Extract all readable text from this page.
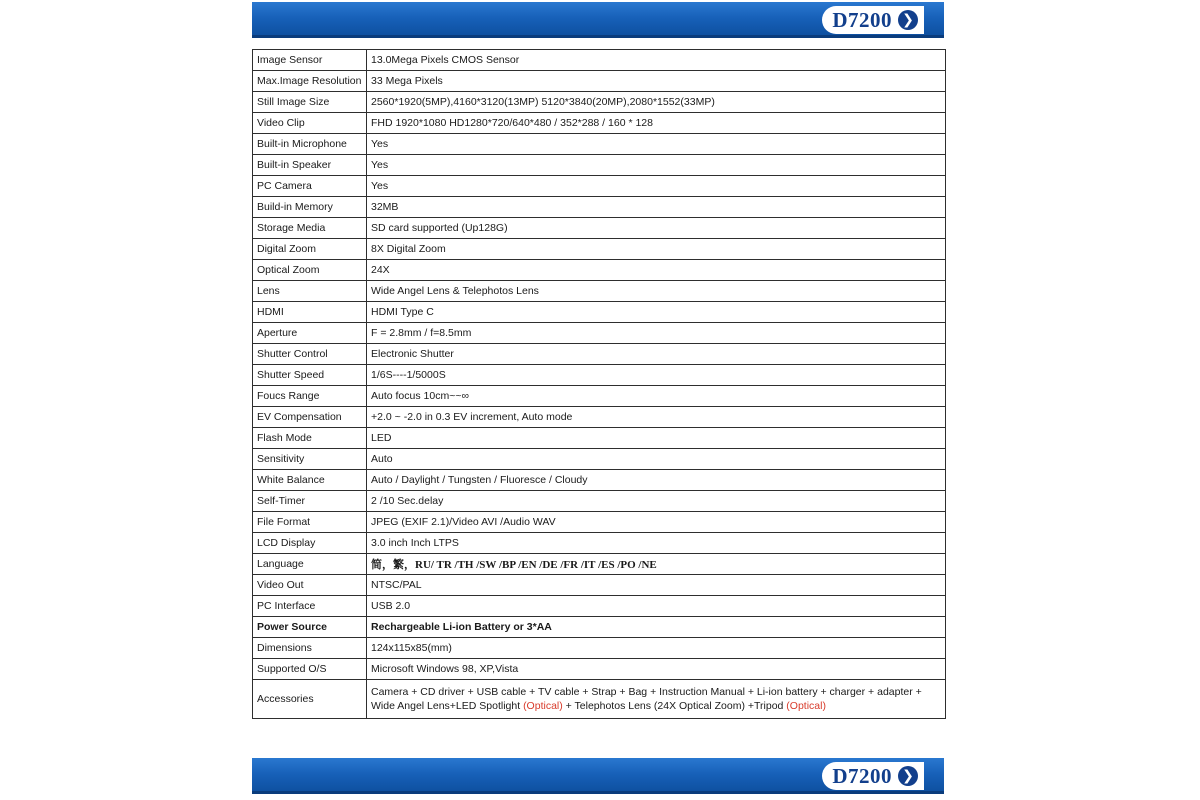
D7200 ❯
Image Sensor	13.0Mega Pixels CMOS Sensor
Max.Image Resolution	33 Mega Pixels
Still Image Size	2560*1920(5MP),4160*3120(13MP) 5120*3840(20MP),2080*1552(33MP)
Video Clip	FHD 1920*1080 HD1280*720/640*480 / 352*288 / 160 * 128
Built-in Microphone	Yes
Built-in Speaker	Yes
PC Camera	Yes
Build-in Memory	32MB
Storage Media	SD card supported (Up128G)
Digital Zoom	8X Digital Zoom
Optical Zoom	24X
Lens	Wide Angel Lens & Telephotos Lens
HDMI	HDMI Type C
Aperture	F = 2.8mm / f=8.5mm
Shutter Control	Electronic Shutter
Shutter Speed	1/6S----1/5000S
Foucs Range	Auto focus 10cm~~∞
EV Compensation	+2.0 ~ -2.0 in 0.3 EV increment, Auto mode
Flash Mode	LED
Sensitivity	Auto
White Balance	Auto / Daylight / Tungsten / Fluoresce / Cloudy
Self-Timer	2 /10 Sec.delay
File Format	JPEG (EXIF 2.1)/Video AVI /Audio WAV
LCD Display	3.0 inch Inch LTPS
Language	简，繁，RU/ TR /TH /SW /BP /EN /DE /FR /IT /ES /PO /NE
Video Out	NTSC/PAL
PC Interface	USB 2.0
Power Source	Rechargeable Li-ion Battery or 3*AA
Dimensions	124x115x85(mm)
Supported O/S	Microsoft Windows 98, XP,Vista
Accessories	Camera + CD driver + USB cable + TV cable + Strap + Bag + Instruction Manual + Li-ion battery + charger + adapter +
Wide Angel Lens+LED Spotlight (Optical) + Telephotos Lens (24X Optical Zoom) +Tripod (Optical)
D7200 ❯
